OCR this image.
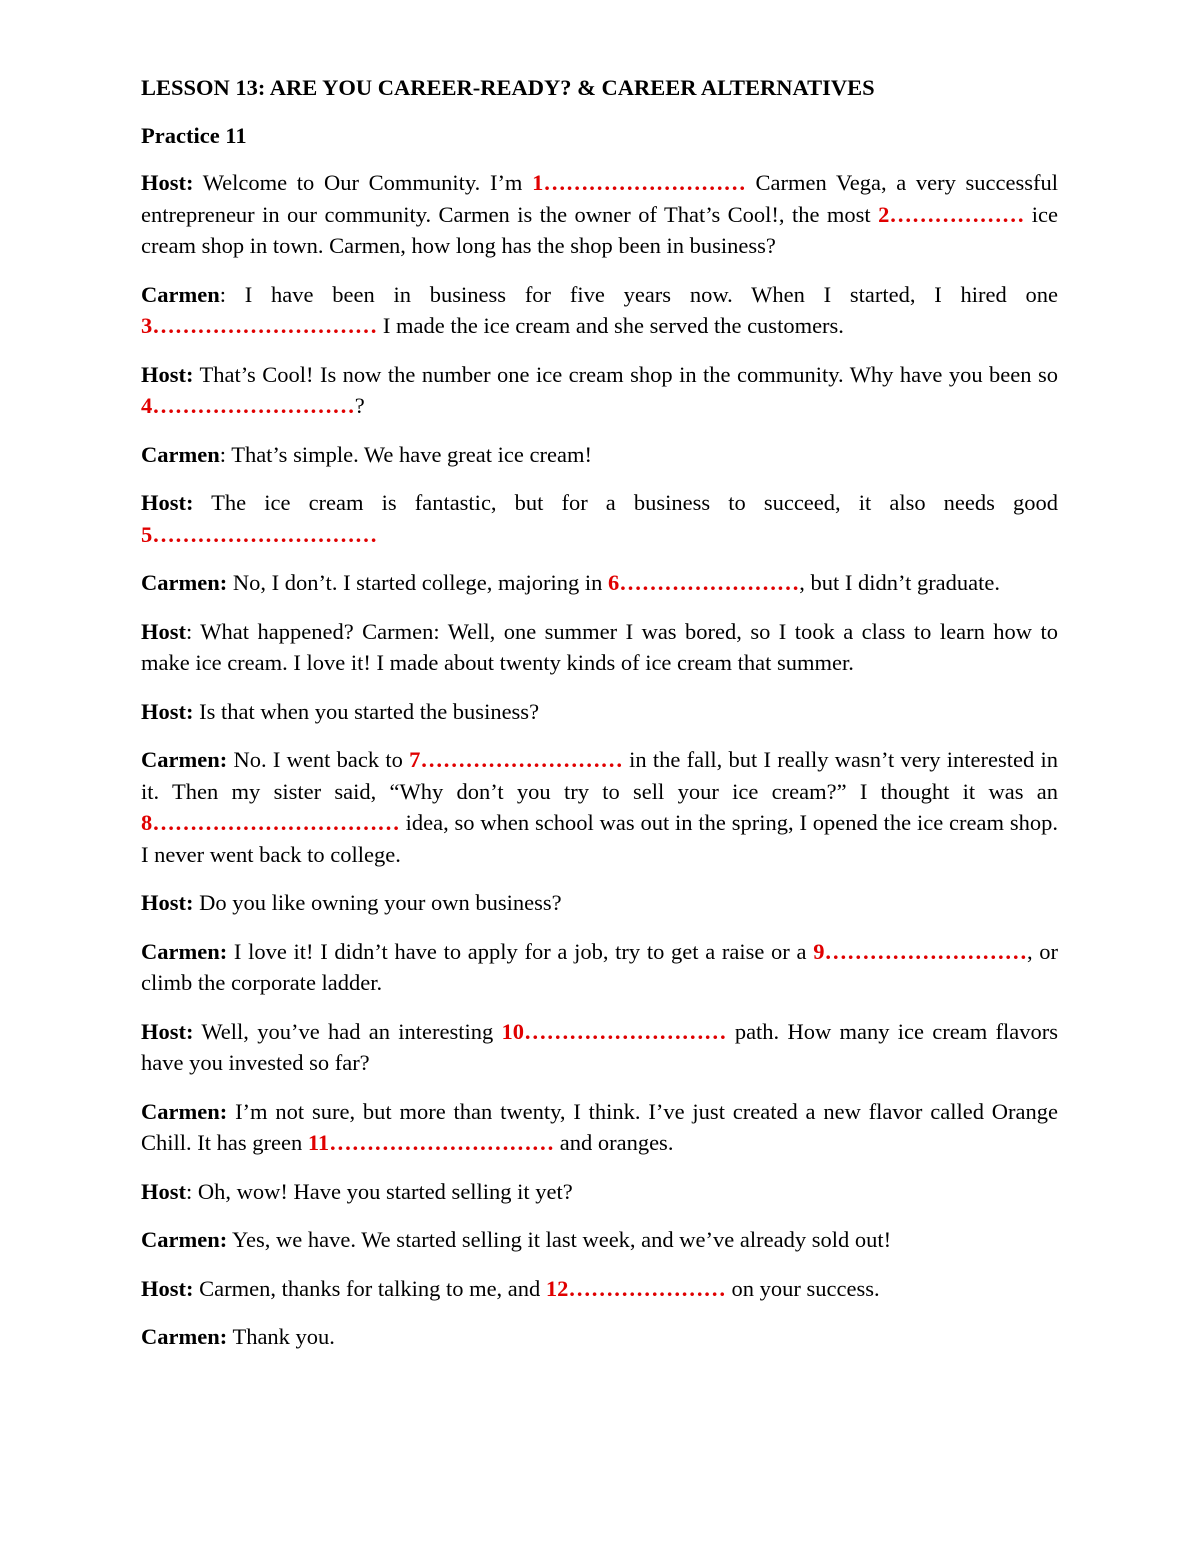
LESSON 13: ARE YOU CAREER-READY? & CAREER ALTERNATIVES

Practice 11

Host: Welcome to Our Community. I’m 1……………………… Carmen Vega, a very successful entrepreneur in our community. Carmen is the owner of That’s Cool!, the most 2……………… ice cream shop in town. Carmen, how long has the shop been in business?

Carmen: I have been in business for five years now. When I started, I hired one 3………………………… I made the ice cream and she served the customers.

Host: That’s Cool! Is now the number one ice cream shop in the community. Why have you been so 4………………………?

Carmen: That’s simple. We have great ice cream!

Host: The ice cream is fantastic, but for a business to succeed, it also needs good 5…………………………

Carmen: No, I don’t. I started college, majoring in 6……………………, but I didn’t graduate.

Host: What happened? Carmen: Well, one summer I was bored, so I took a class to learn how to make ice cream. I love it! I made about twenty kinds of ice cream that summer.

Host: Is that when you started the business?

Carmen: No. I went back to 7……………………… in the fall, but I really wasn’t very interested in it. Then my sister said, “Why don’t you try to sell your ice cream?” I thought it was an 8…………………………… idea, so when school was out in the spring, I opened the ice cream shop. I never went back to college.

Host: Do you like owning your own business?

Carmen: I love it! I didn’t have to apply for a job, try to get a raise or a 9………………………, or climb the corporate ladder.

Host: Well, you’ve had an interesting 10……………………… path. How many ice cream flavors have you invested so far?

Carmen: I’m not sure, but more than twenty, I think. I’ve just created a new flavor called Orange Chill. It has green 11………………………… and oranges.

Host: Oh, wow! Have you started selling it yet?

Carmen: Yes, we have. We started selling it last week, and we’ve already sold out!

Host: Carmen, thanks for talking to me, and 12………………… on your success.

Carmen: Thank you.
